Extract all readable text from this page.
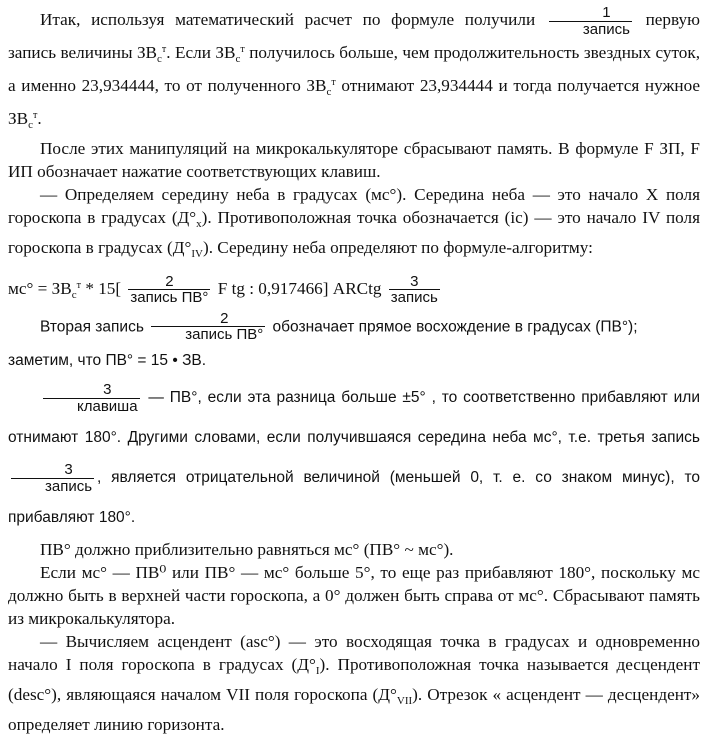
Итак, используя математический расчет по формуле получили $\frac{1}{\text{запись}}$ первую запись величины $ЗВ_с^т$. Если $ЗВ_с^т$ получилось больше, чем продолжительность звездных суток, а именно 23,934444, то от полученного $ЗВ_с^т$ отнимают 23,934444 и тогда получается нужное $ЗВ_с^т$.

После этих манипуляций на микрокалькуляторе сбрасывают память. В формуле F ЗП, F ИП обозначает нажатие соответствующих клавиш.

— Определяем середину неба в градусах (мс°). Середина неба — это начало X поля гороскопа в градусах $(Д^\circ_х)$. Противоположная точка обозначается (ic) — это начало IV поля гороскопа в градусах $(Д^\circ_{IV})$. Середину неба определяют по формуле-алгоритму:

$мс^\circ = ЗВ_с^т * 15[ \frac{2}{\text{запись ПВ°}}$ F tg : 0,917466] ARCtg $\frac{3}{\text{запись}}$

Вторая запись $\frac{2}{\text{запись ПВ°}}$ обозначает прямое восхождение в градусах (ПВ°);

заметим, что ПВ° = 15 • ЗВ.

$\frac{3}{\text{клавиша}}$ — ПВ°, если эта разница больше ±5° , то соответственно прибавляют или отнимают 180°. Другими словами, если получившаяся середина неба мс°, т.е. третья запись
$\frac{3}{\text{запись}}$ , является отрицательной величиной (меньшей 0, т. е. со знаком минус), то прибавляют 180°.

ПВ° должно приблизительно равняться мс° (ПВ° ~ мс°).

Если мс° — ПВ⁰ или ПВ° — мс° больше 5°, то еще раз прибавляют 180°, поскольку мс должно быть в верхней части гороскопа, а 0° должен быть справа от мс°. Сбрасывают память из микрокалькулятора.

— Вычисляем асцендент (asc°) — это восходящая точка в градусах и одновременно начало I поля гороскопа в градусах $(Д^\circ_I)$. Противоположная точка называется десцендент (desc°), являющаяся началом VII поля гороскопа $(Д^\circ_{VII})$. Отрезок « асцендент — десцендент» определяет линию горизонта.
